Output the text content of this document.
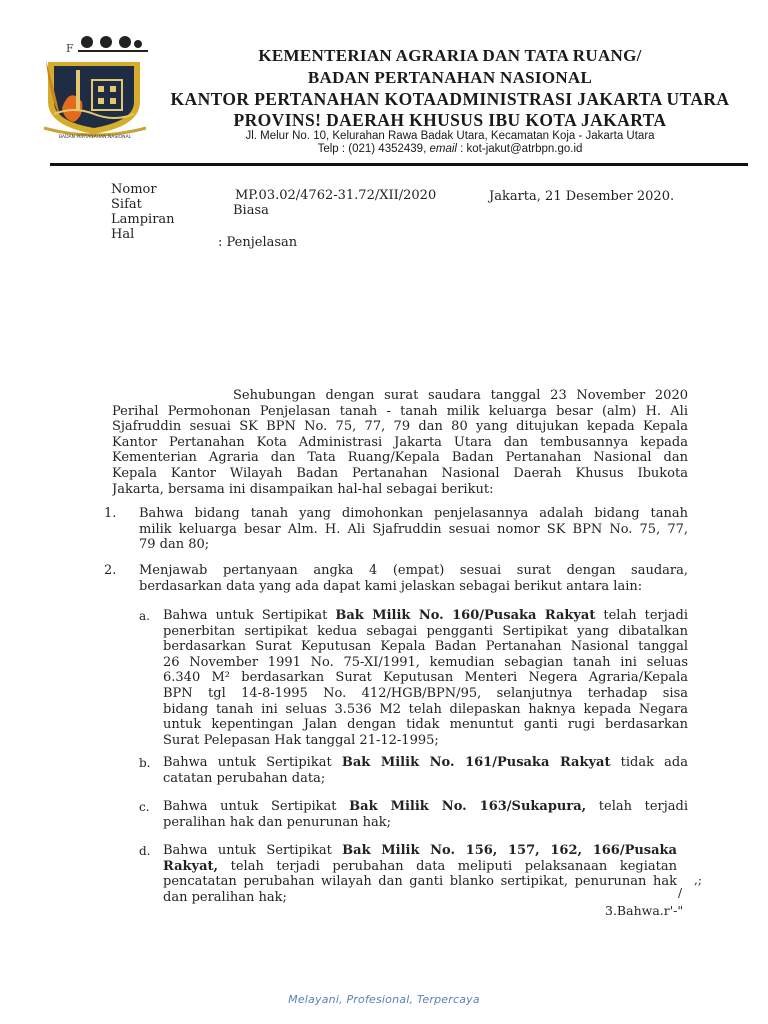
F
BADAN PERTANAHAN NASIONAL
KEMENTERIAN AGRARIA DAN TATA RUANG/
BADAN PERTANAHAN NASIONAL
KANTOR PERTANAHAN KOTAADMINISTRASI JAKARTA UTARA
PROVINS! DAERAH KHUSUS IBU KOTA JAKARTA
Jl. Melur No. 10, Kelurahan Rawa Badak Utara, Kecamatan Koja - Jakarta Utara
Telp : (021) 4352439, email : kot-jakut@atrbpn.go.id
Nomor
Sifat
Lampiran
Hal
MP.03.02/4762-31.72/XII/2020
Biasa
: Penjelasan
Jakarta, 21 Desember 2020.
Sehubungan dengan surat saudara tanggal 23 November 2020
Perihal Permohonan Penjelasan tanah - tanah milik keluarga besar (alm) H. Ali
Sjafruddin sesuai SK BPN No. 75, 77, 79 dan 80 yang ditujukan kepada Kepala
Kantor Pertanahan Kota Administrasi Jakarta Utara dan tembusannya kepada
Kementerian Agraria dan Tata Ruang/Kepala Badan Pertanahan Nasional dan
Kepala Kantor Wilayah Badan Pertanahan Nasional Daerah Khusus Ibukota
Jakarta, bersama ini disampaikan hal-hal sebagai berikut:
1. Bahwa bidang tanah yang dimohonkan penjelasannya adalah bidang tanah
milik keluarga besar Alm. H. Ali Sjafruddin sesuai nomor SK BPN No. 75, 77,
79 dan 80;
2. Menjawab pertanyaan angka 4 (empat) sesuai surat dengan saudara,
berdasarkan data yang ada dapat kami jelaskan sebagai berikut antara lain:
a. Bahwa untuk Sertipikat Bak Milik No. 160/Pusaka Rakyat telah terjadi
penerbitan sertipikat kedua sebagai pengganti Sertipikat yang dibatalkan
berdasarkan Surat Keputusan Kepala Badan Pertanahan Nasional tanggal
26 November 1991 No. 75-XI/1991, kemudian sebagian tanah ini seluas
6.340 M² berdasarkan Surat Keputusan Menteri Negera Agraria/Kepala
BPN tgl 14-8-1995 No. 412/HGB/BPN/95, selanjutnya terhadap sisa
bidang tanah ini seluas 3.536 M2 telah dilepaskan haknya kepada Negara
untuk kepentingan Jalan dengan tidak menuntut ganti rugi berdasarkan
Surat Pelepasan Hak tanggal 21-12-1995;
b. Bahwa untuk Sertipikat Bak Milik No. 161/Pusaka Rakyat tidak ada
catatan perubahan data;
c. Bahwa untuk Sertipikat Bak Milik No. 163/Sukapura, telah terjadi
peralihan hak dan penurunan hak;
d. Bahwa untuk Sertipikat Bak Milik No. 156, 157, 162, 166/Pusaka
Rakyat, telah terjadi perubahan data meliputi pelaksanaan kegiatan
pencatatan perubahan wilayah dan ganti blanko sertipikat, penurunan hak
dan peralihan hak;
,;
/
3.Bahwa.r'-"
Melayani, Profesional, Terpercaya
